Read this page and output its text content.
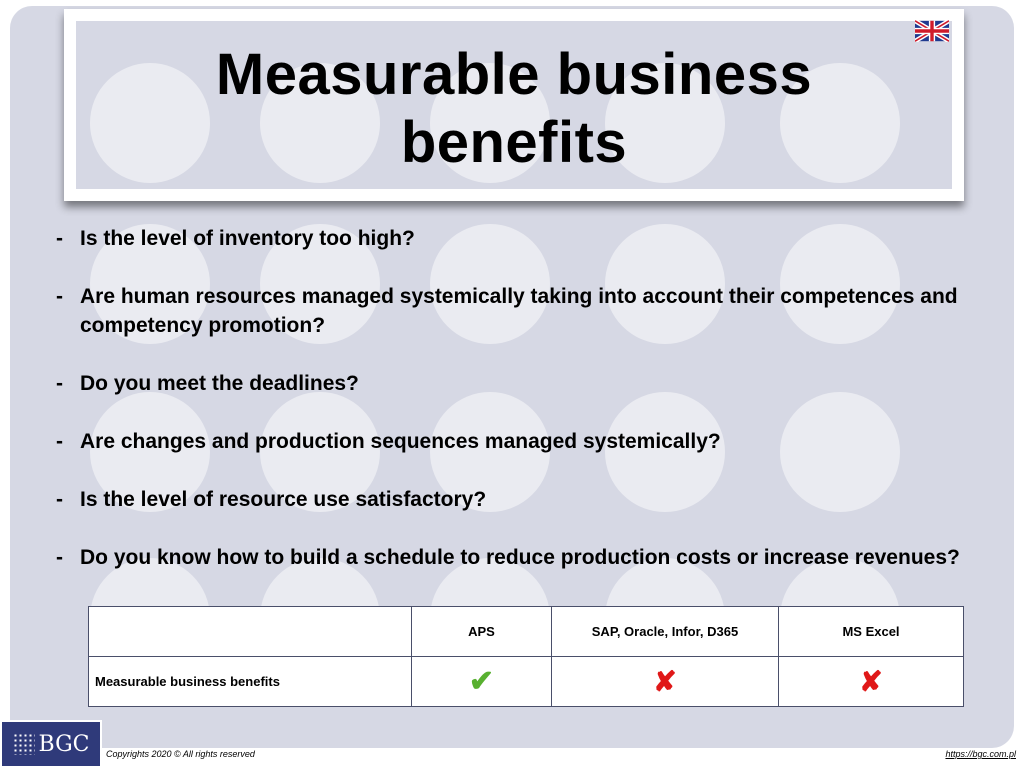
Measurable business
benefits
- Is the level of inventory too high?
- Are human resources managed systemically taking into account their competences and competency promotion?
- Do you meet the deadlines?
- Are changes and production sequences managed systemically?
- Is the level of resource use satisfactory?
- Do you know how to build a schedule to reduce production costs or increase revenues?
	APS	SAP, Oracle, Infor, D365	MS Excel
Measurable business benefits	✔	✘	✘
BGC Copyrights 2020 © All rights reserved	https://bgc.com.pl
